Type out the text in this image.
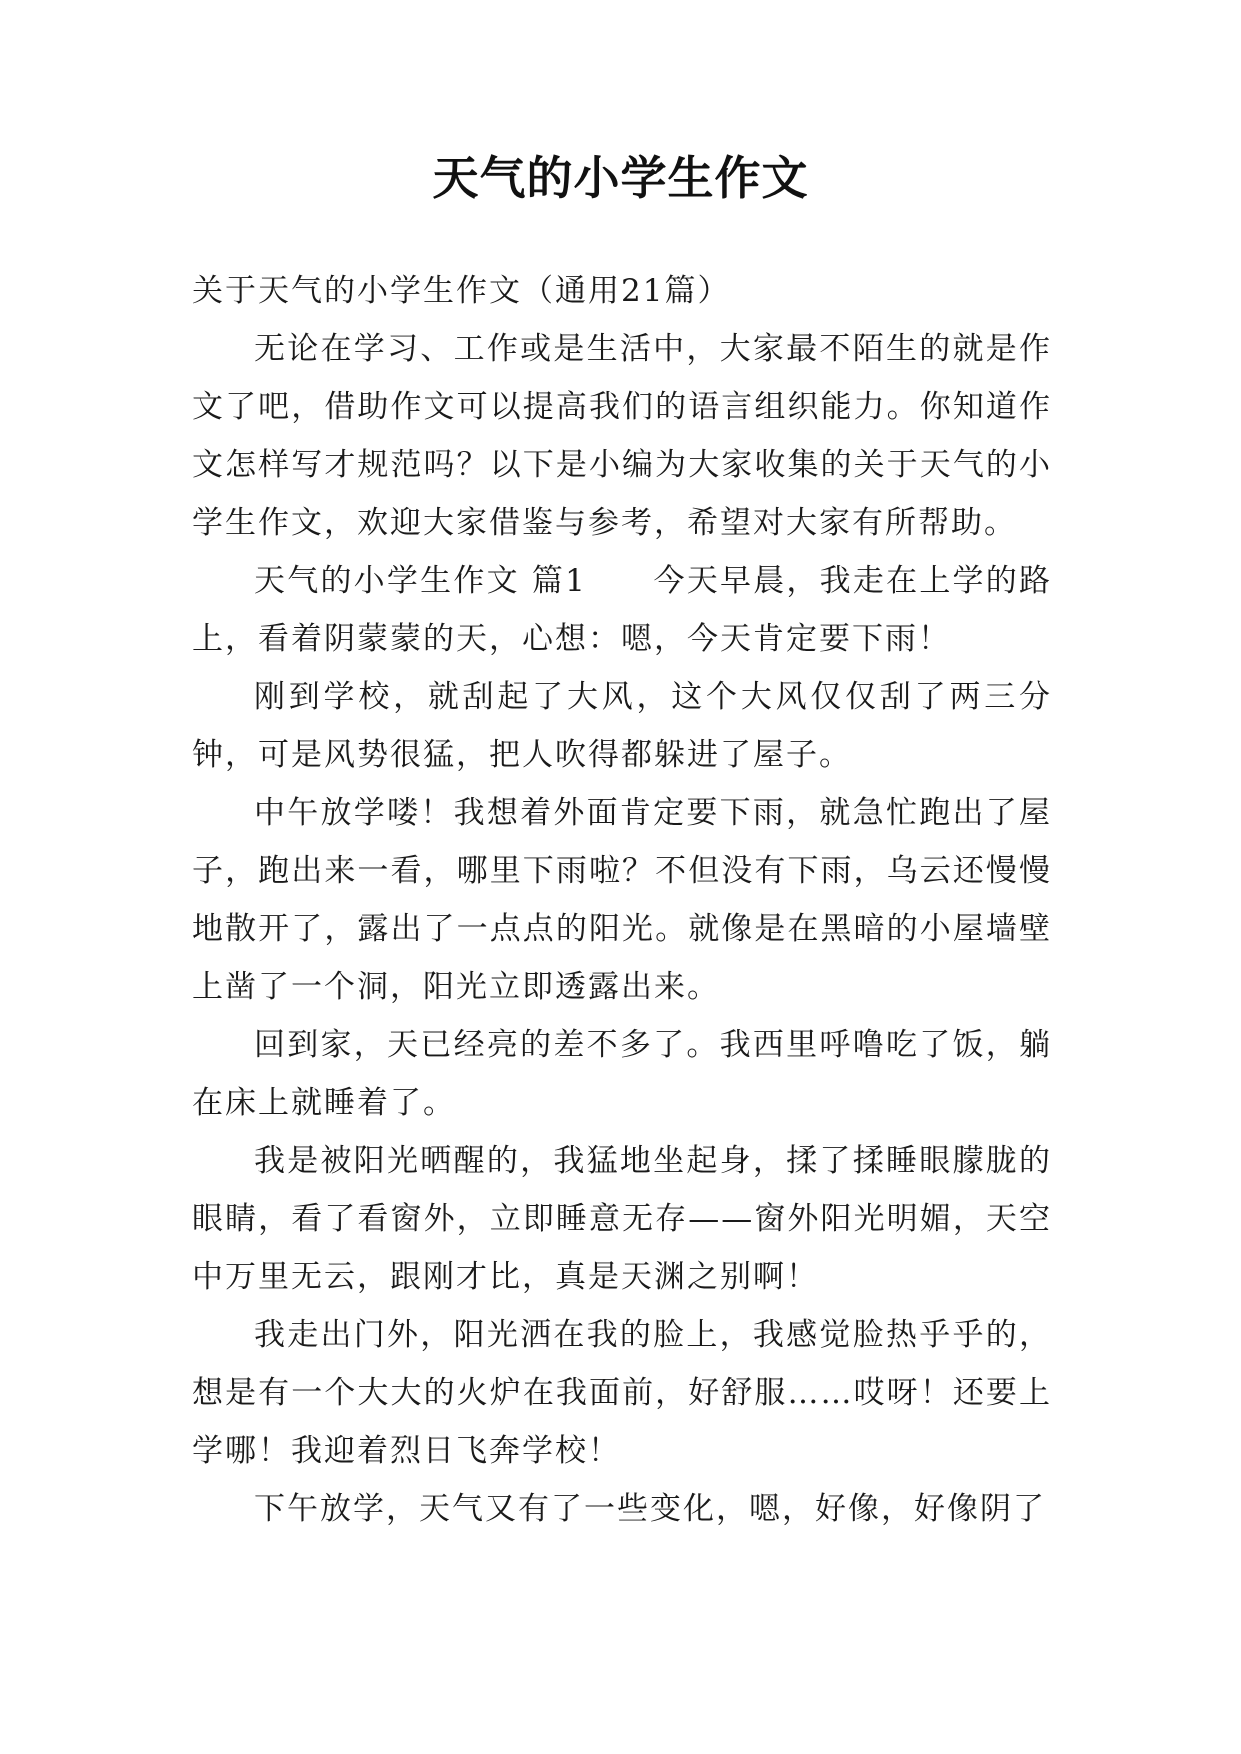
天气的小学生作文

关于天气的小学生作文（通用21篇）

无论在学习、工作或是生活中，大家最不陌生的就是作文了吧，借助作文可以提高我们的语言组织能力。你知道作文怎样写才规范吗？以下是小编为大家收集的关于天气的小学生作文，欢迎大家借鉴与参考，希望对大家有所帮助。

天气的小学生作文 篇1　　今天早晨，我走在上学的路上，看着阴蒙蒙的天，心想：嗯，今天肯定要下雨！

刚到学校，就刮起了大风，这个大风仅仅刮了两三分钟，可是风势很猛，把人吹得都躲进了屋子。

中午放学喽！我想着外面肯定要下雨，就急忙跑出了屋子，跑出来一看，哪里下雨啦？不但没有下雨，乌云还慢慢地散开了，露出了一点点的阳光。就像是在黑暗的小屋墙壁上凿了一个洞，阳光立即透露出来。

回到家，天已经亮的差不多了。我西里呼噜吃了饭，躺在床上就睡着了。

我是被阳光晒醒的，我猛地坐起身，揉了揉睡眼朦胧的眼睛，看了看窗外，立即睡意无存——窗外阳光明媚，天空中万里无云，跟刚才比，真是天渊之别啊！

我走出门外，阳光洒在我的脸上，我感觉脸热乎乎的，想是有一个大大的火炉在我面前，好舒服……哎呀！还要上学哪！我迎着烈日飞奔学校！

下午放学，天气又有了一些变化，嗯，好像，好像阴了
